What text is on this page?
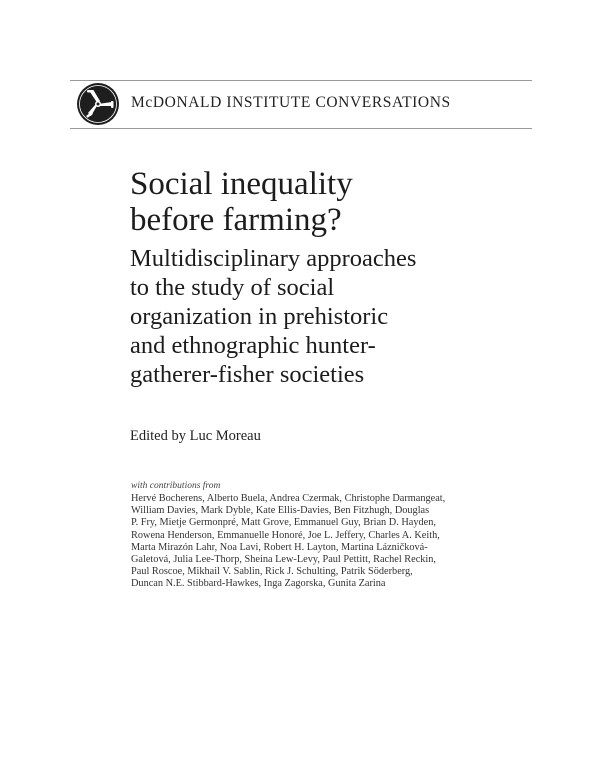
McDONALD INSTITUTE CONVERSATIONS
Social inequality
before farming?
Multidisciplinary approaches
to the study of social
organization in prehistoric
and ethnographic hunter-
gatherer-fisher societies
Edited by Luc Moreau
with contributions from
Hervé Bocherens, Alberto Buela, Andrea Czermak, Christophe Darmangeat,
William Davies, Mark Dyble, Kate Ellis-Davies, Ben Fitzhugh, Douglas
P. Fry, Mietje Germonpré, Matt Grove, Emmanuel Guy, Brian D. Hayden,
Rowena Henderson, Emmanuelle Honoré, Joe L. Jeffery, Charles A. Keith,
Marta Mirazón Lahr, Noa Lavi, Robert H. Layton, Martina Lázničková-
Galetová, Julia Lee-Thorp, Sheina Lew-Levy, Paul Pettitt, Rachel Reckin,
Paul Roscoe, Mikhail V. Sablin, Rick J. Schulting, Patrik Söderberg,
Duncan N.E. Stibbard-Hawkes, Inga Zagorska, Gunita Zarina
